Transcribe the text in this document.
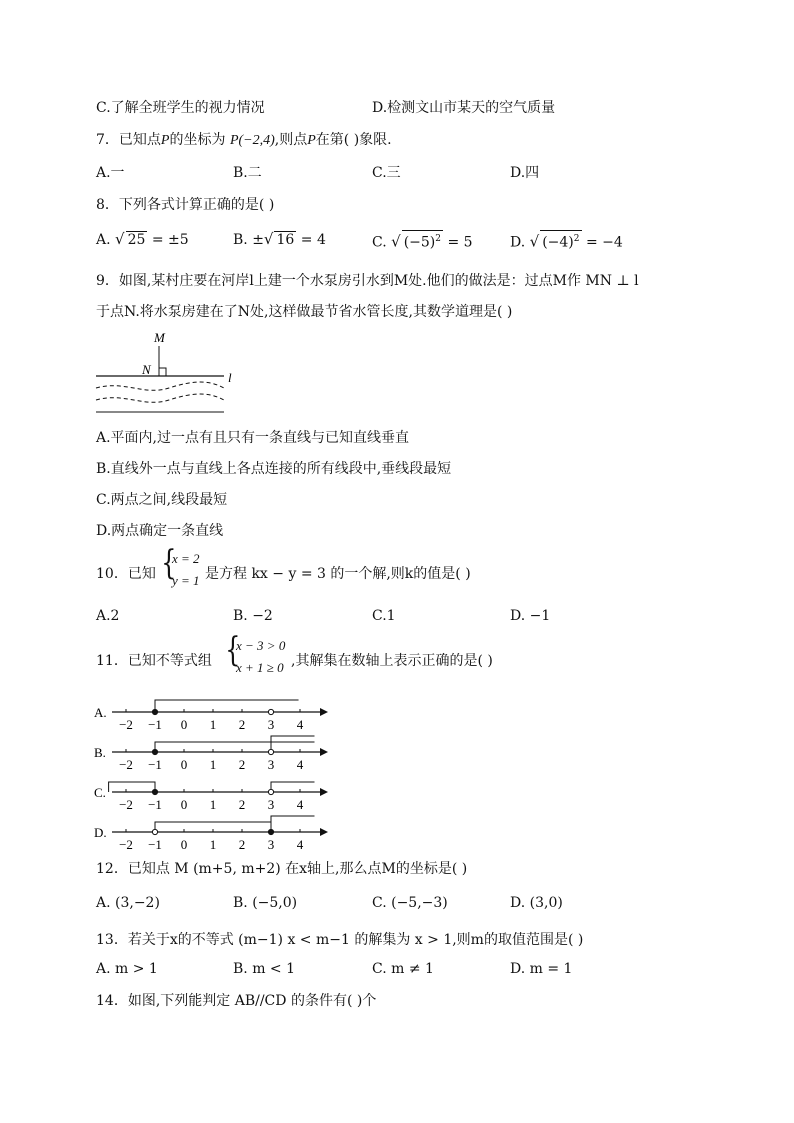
C.了解全班学生的视力情况	D.检测文山市某天的空气质量
7．已知点P的坐标为 P(−2,4),则点P在第( )象限.
A.一	B.二	C.三	D.四
8．下列各式计算正确的是( )
A. √ 25 = ±5	B. ±√ 16 = 4	C. √ $(-5)^2 = 5$	D. √ $(-4)^2 = -4$
9．如图,某村庄要在河岸l上建一个水泵房引水到M处.他们的做法是：过点M作 MN ⊥ l
于点N.将水泵房建在了N处,这样做最节省水管长度,其数学道理是( )
M
N
l
A.平面内,过一点有且只有一条直线与已知直线垂直
B.直线外一点与直线上各点连接的所有线段中,垂线段最短
C.两点之间,线段最短
D.两点确定一条直线
10．已知 {
x = 2
y = 1 是方程 kx − y = 3 的一个解,则k的值是( )
A.2	B. −2	C.1	D. −1
11．已知不等式组 {
x − 3 > 0
x + 1 ≥ 0 ,其解集在数轴上表示正确的是( )
A.
−2 −1 0 1 2 3 4
B.
−2 −1 0 1 2 3 4
C.
−2 −1 0 1 2 3 4
D.
−2 −1 0 1 2 3 4
12．已知点 M (m+5, m+2) 在x轴上,那么点M的坐标是( )
A. (3,−2)	B. (−5,0)	C. (−5,−3)	D. (3,0)
13．若关于x的不等式 (m−1) x < m−1 的解集为 x > 1,则m的取值范围是( )
A. m > 1	B. m < 1	C. m ≠ 1	D. m = 1
14．如图,下列能判定 AB//CD 的条件有( )个
